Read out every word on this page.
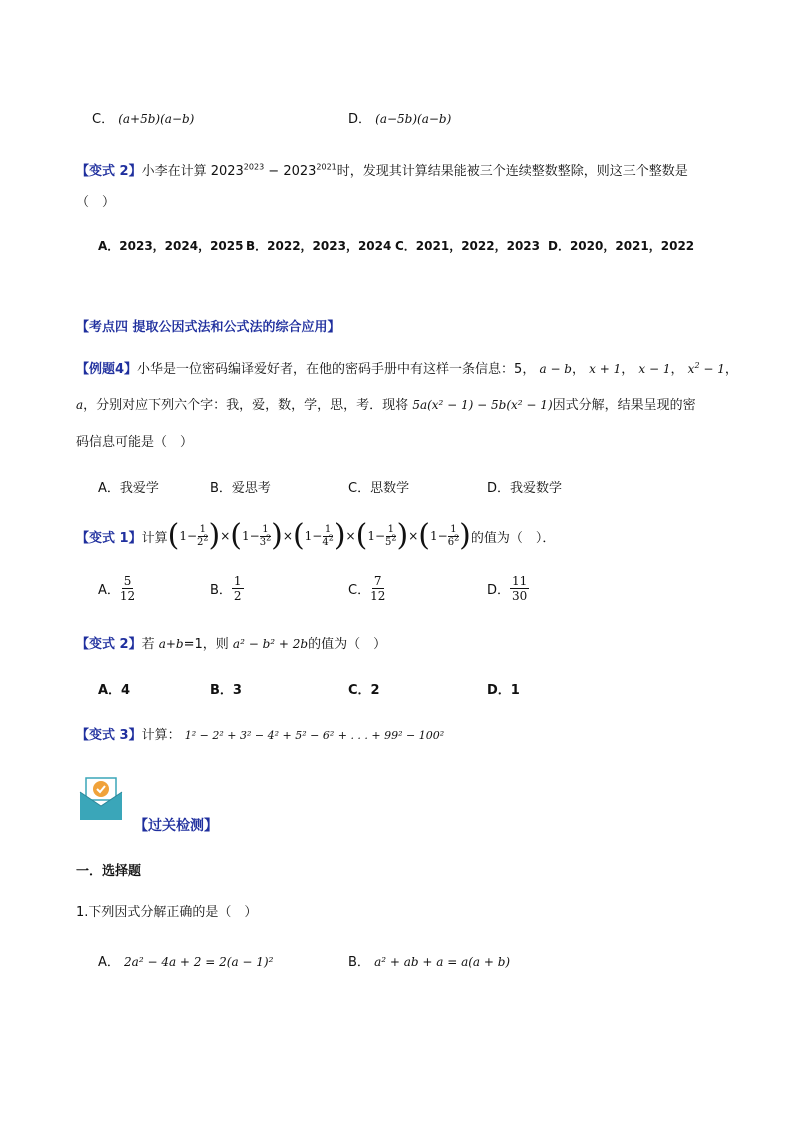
C． (a+5b)(a−b)	D． (a−5b)(a−b)
【变式 2】小李在计算 $2023^{2023} - 2023^{2021}$时，发现其计算结果能被三个连续整数整除，则这三个整数是
（　）
A．2023，2024，2025 B．2022，2023，2024 C．2021，2022，2023 D．2020，2021，2022
【考点四 提取公因式法和公式法的综合应用】
【例题4】小华是一位密码编译爱好者，在他的密码手册中有这样一条信息：5， a − b， x + 1， x − 1， $x^2 - 1$，
a，分别对应下列六个字：我，爱，数，学，思，考．现将 5a(x² − 1) − 5b(x² − 1)因式分解，结果呈现的密
码信息可能是（　）
A．我爱学	B．爱思考	C．思数学	D．我爱数学
【变式 1】 计算 ( $1- \frac{1}{2^2}$ ) × ( $1- \frac{1}{3^2}$ ) × ( $1- \frac{1}{4^2}$ ) × ( $1- \frac{1}{5^2}$ ) × ( $1- \frac{1}{6^2}$ ) 的值为（　）．
A． $\frac{5}{12}$	B． $\frac{1}{2}$	C． $\frac{7}{12}$	D． $\frac{11}{30}$
【变式 2】若 a+b=1，则 a² − b² + 2b的值为（　）
A．4	B．3	C．2	D．1
【变式 3】计算： 1² − 2² + 3² − 4² + 5² − 6² + . . . + 99² − 100²
【过关检测】
一．选择题
1.下列因式分解正确的是（　）
A． 2a² − 4a + 2 = 2(a − 1)²	B． a² + ab + a = a(a + b)
